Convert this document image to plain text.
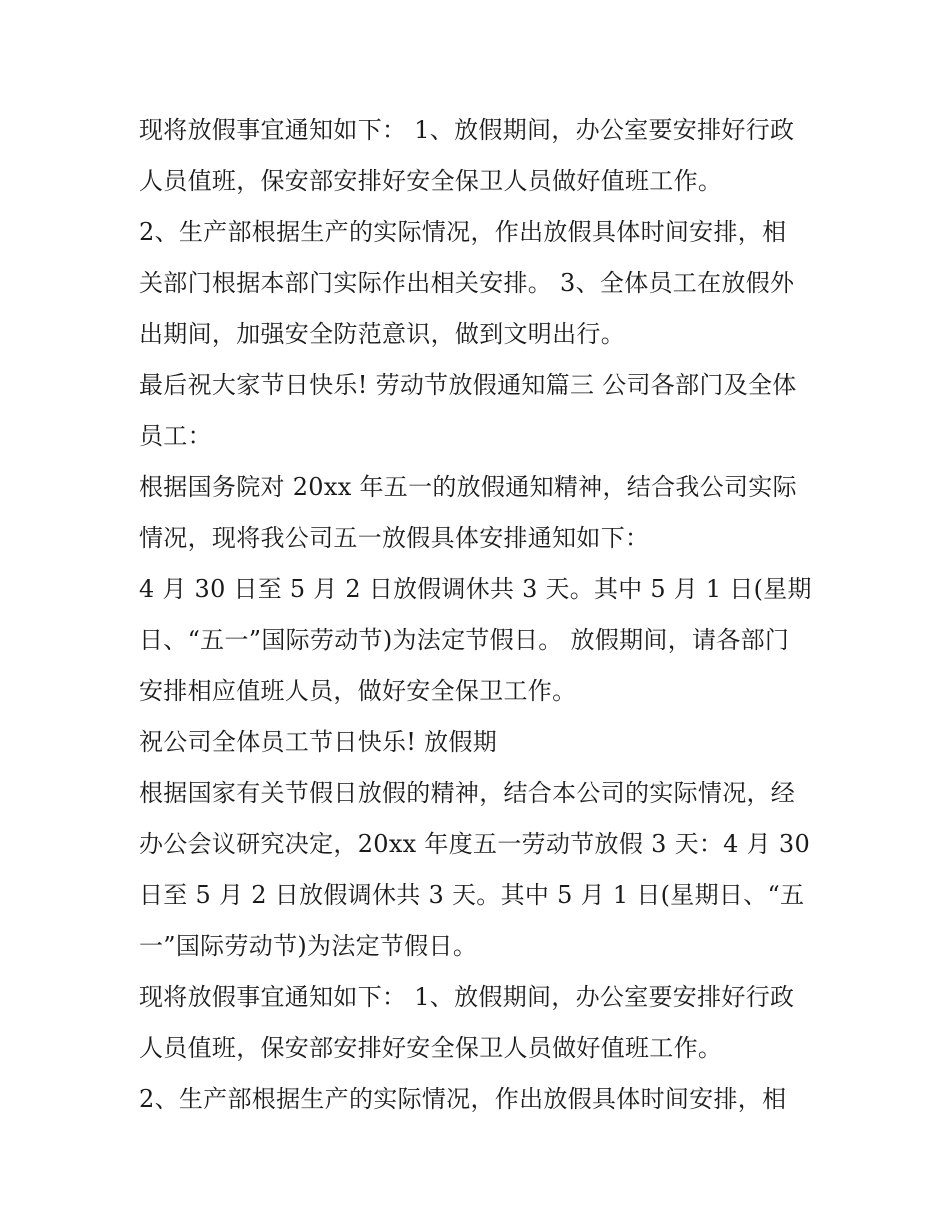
现将放假事宜通知如下： 1、放假期间，办公室要安排好行政
人员值班，保安部安排好安全保卫人员做好值班工作。
2、生产部根据生产的实际情况，作出放假具体时间安排，相
关部门根据本部门实际作出相关安排。 3、全体员工在放假外
出期间，加强安全防范意识，做到文明出行。
最后祝大家节日快乐! 劳动节放假通知篇三 公司各部门及全体
员工：
根据国务院对 20xx 年五一的放假通知精神，结合我公司实际
情况，现将我公司五一放假具体安排通知如下：
4 月 30 日至 5 月 2 日放假调休共 3 天。其中 5 月 1 日(星期
日、“五一”国际劳动节)为法定节假日。 放假期间，请各部门
安排相应值班人员，做好安全保卫工作。
祝公司全体员工节日快乐! 放假期
根据国家有关节假日放假的精神，结合本公司的实际情况，经
办公会议研究决定，20xx 年度五一劳动节放假 3 天：4 月 30
日至 5 月 2 日放假调休共 3 天。其中 5 月 1 日(星期日、“五
一”国际劳动节)为法定节假日。
现将放假事宜通知如下： 1、放假期间，办公室要安排好行政
人员值班，保安部安排好安全保卫人员做好值班工作。
2、生产部根据生产的实际情况，作出放假具体时间安排，相
